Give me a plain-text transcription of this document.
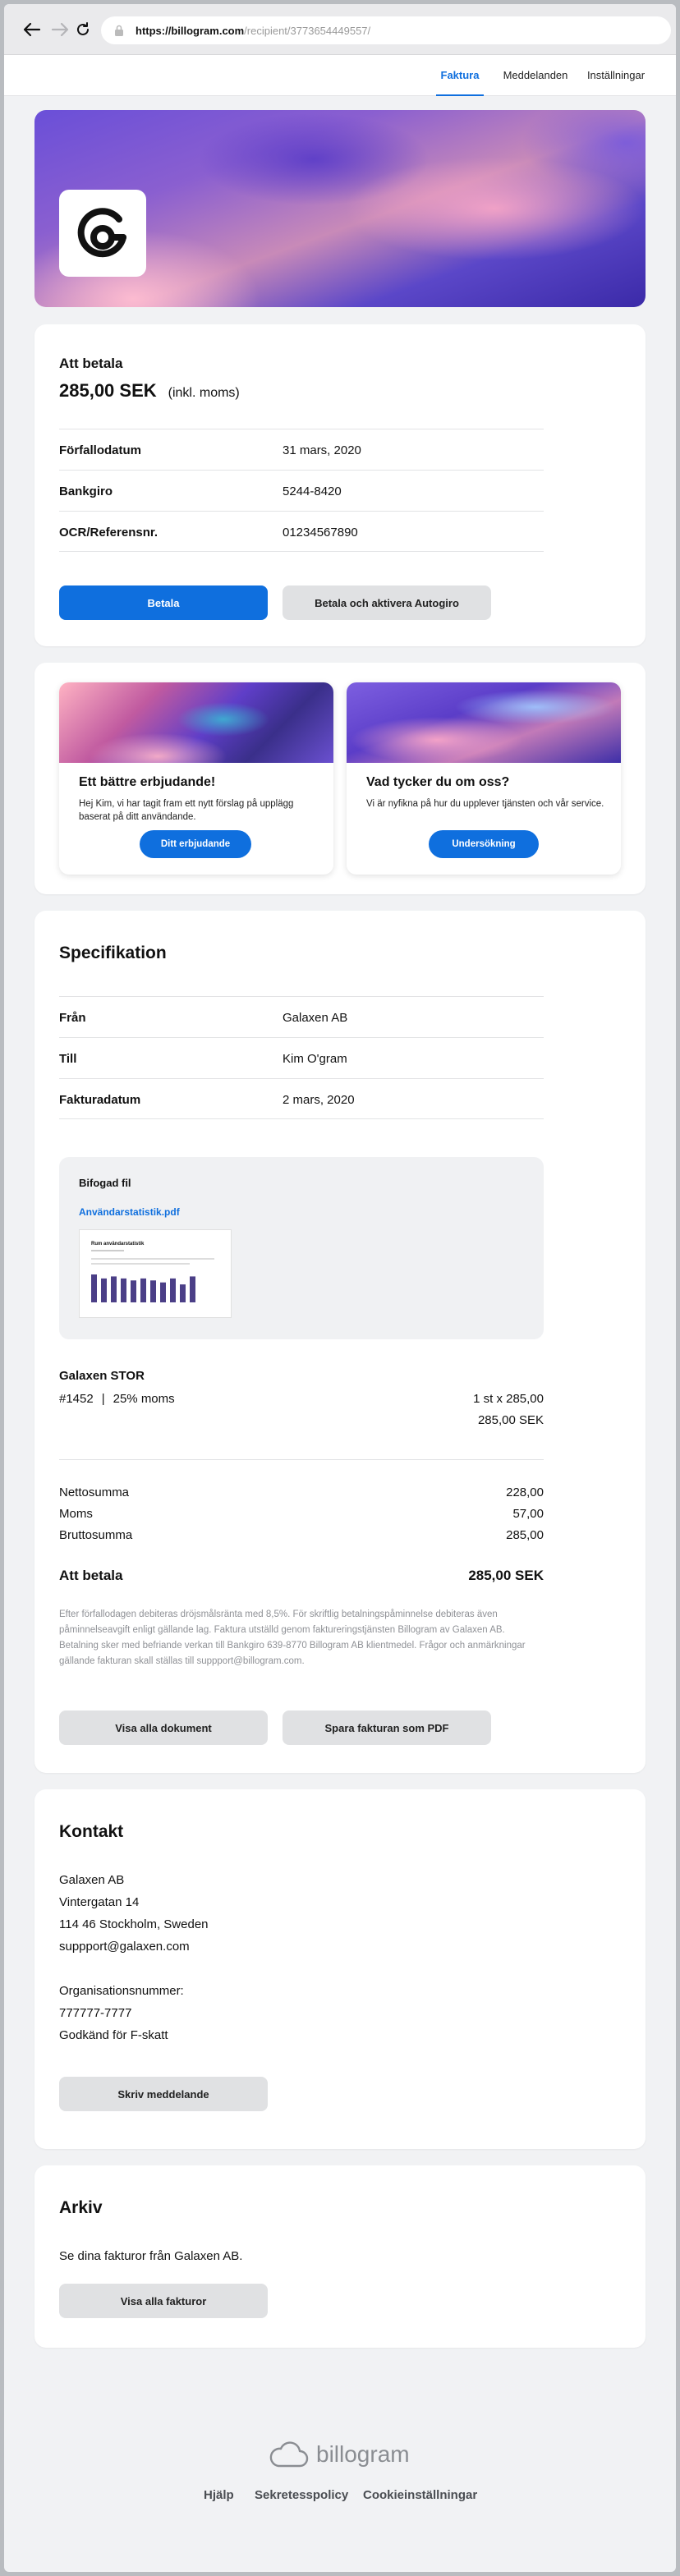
https://billogram.com /recipient/3773654449557/
Faktura	Meddelanden	Inställningar
Att betala
285,00 SEK (inkl. moms)
Förfallodatum	31 mars, 2020
Bankgiro	5244-8420
OCR/Referensnr.	01234567890
Betala	Betala och aktivera Autogiro
Ett bättre erbjudande!
Hej Kim, vi har tagit fram ett nytt förslag på upplägg baserat på ditt användande.
Ditt erbjudande
Vad tycker du om oss?
Vi är nyfikna på hur du upplever tjänsten och vår service.
Undersökning
Specifikation
Från	Galaxen AB
Till	Kim O'gram
Fakturadatum	2 mars, 2020
Bifogad fil
Användarstatistik.pdf
Rum användarstatistik
Galaxen STOR
#1452 | 25% moms	1 st x 285,00
285,00 SEK
Nettosumma	228,00
Moms	57,00
Bruttosumma	285,00
Att betala	285,00 SEK
Efter förfallodagen debiteras dröjsmålsränta med 8,5%. För skriftlig betalningspåminnelse debiteras även påminnelseavgift enligt gällande lag. Faktura utställd genom faktureringstjänsten Billogram av Galaxen AB. Betalning sker med befriande verkan till Bankgiro 639-8770 Billogram AB klientmedel. Frågor och anmärkningar gällande fakturan skall ställas till suppport@billogram.com.
Visa alla dokument	Spara fakturan som PDF
Kontakt
Galaxen AB
Vintergatan 14
114 46 Stockholm, Sweden
suppport@galaxen.com
Organisationsnummer:
777777-7777
Godkänd för F-skatt
Skriv meddelande
Arkiv
Se dina fakturor från Galaxen AB.
Visa alla fakturor
billogram
Hjälp Sekretesspolicy Cookieinställningar
